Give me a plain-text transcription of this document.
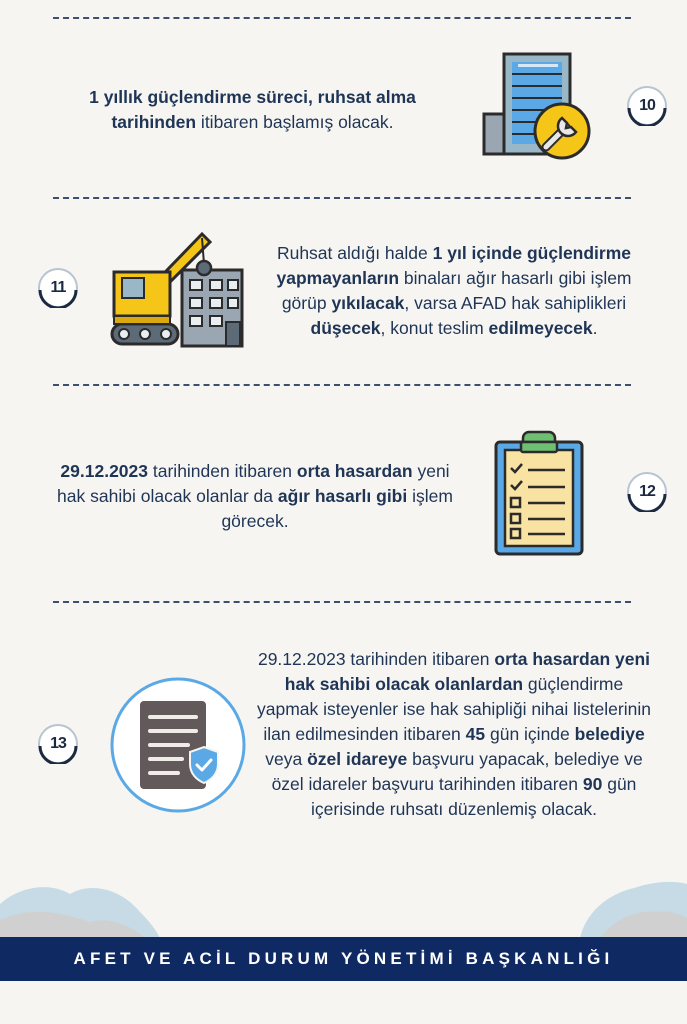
1 yıllık güçlendirme süreci, ruhsat alma tarihinden itibaren başlamış olacak.
10
11
Ruhsat aldığı halde 1 yıl içinde güçlendirme yapmayanların binaları ağır hasarlı gibi işlem görüp yıkılacak, varsa AFAD hak sahiplikleri düşecek, konut teslim edilmeyecek.
29.12.2023 tarihinden itibaren orta hasardan yeni hak sahibi olacak olanlar da ağır hasarlı gibi işlem görecek.
12
13
29.12.2023 tarihinden itibaren orta hasardan yeni hak sahibi olacak olanlardan güçlendirme yapmak isteyenler ise hak sahipliği nihai listelerinin ilan edilmesinden itibaren 45 gün içinde belediye veya özel idareye başvuru yapacak, belediye ve özel idareler başvuru tarihinden itibaren 90 gün içerisinde ruhsatı düzenlemiş olacak.
AFET VE ACİL DURUM YÖNETİMİ BAŞKANLIĞI
